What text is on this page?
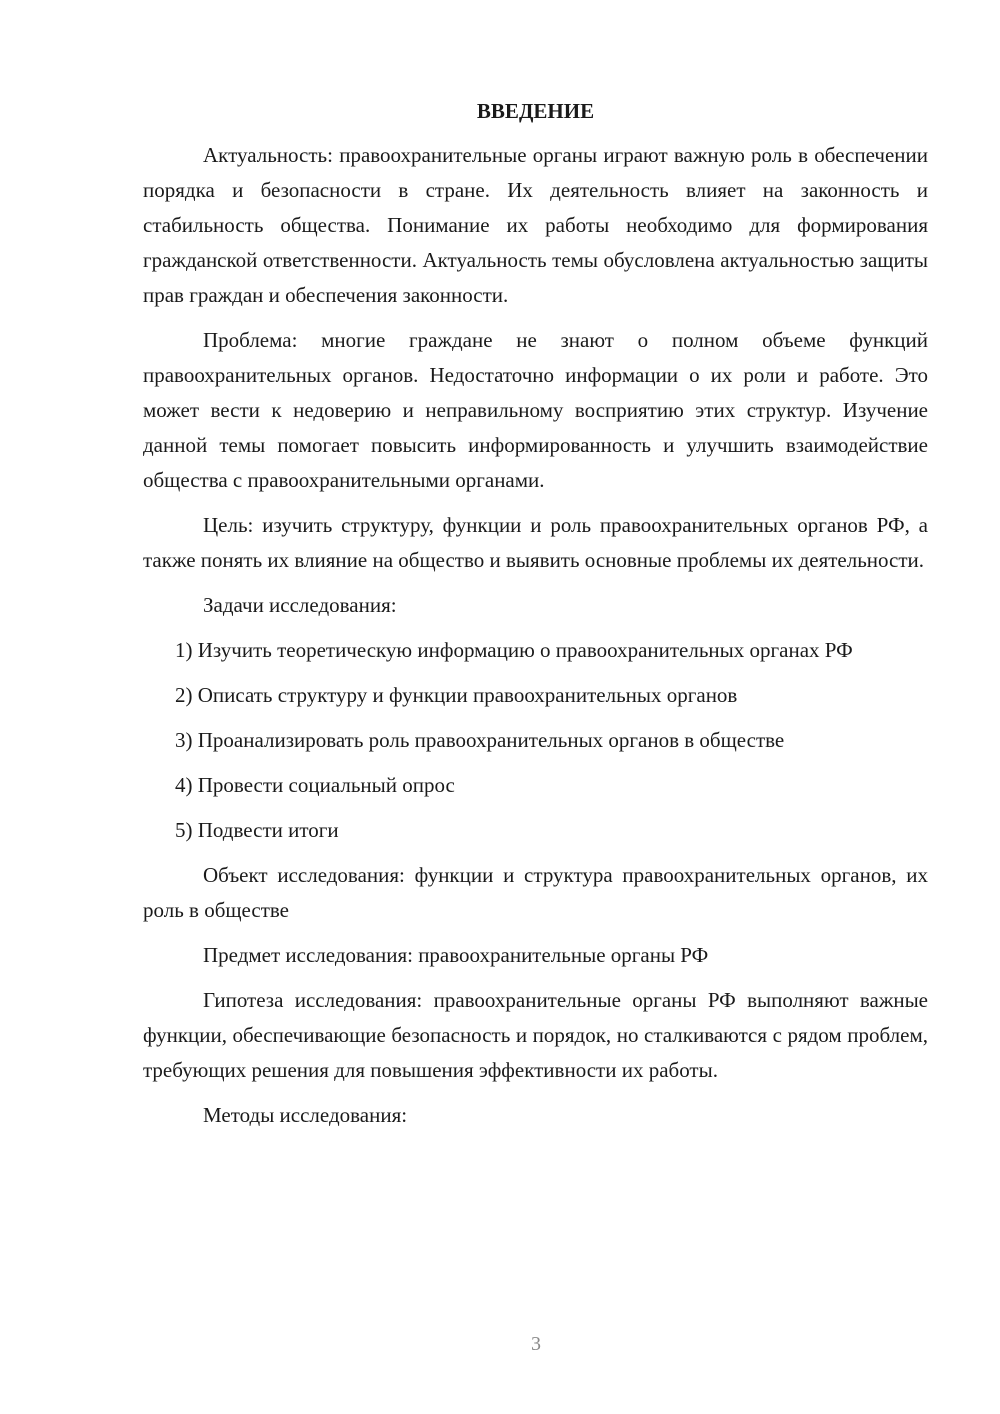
ВВЕДЕНИЕ

Актуальность: правоохранительные органы играют важную роль в обеспечении порядка и безопасности в стране. Их деятельность влияет на законность и стабильность общества. Понимание их работы необходимо для формирования гражданской ответственности. Актуальность темы обусловлена актуальностью защиты прав граждан и обеспечения законности.

Проблема: многие граждане не знают о полном объеме функций правоохранительных органов. Недостаточно информации о их роли и работе. Это может вести к недоверию и неправильному восприятию этих структур. Изучение данной темы помогает повысить информированность и улучшить взаимодействие общества с правоохранительными органами.

Цель: изучить структуру, функции и роль правоохранительных органов РФ, а также понять их влияние на общество и выявить основные проблемы их деятельности.

Задачи исследования:

1) Изучить теоретическую информацию о правоохранительных органах РФ

2) Описать структуру и функции правоохранительных органов

3) Проанализировать роль правоохранительных органов в обществе

4) Провести социальный опрос

5) Подвести итоги

Объект исследования: функции и структура правоохранительных органов, их роль в обществе

Предмет исследования: правоохранительные органы РФ

Гипотеза исследования: правоохранительные органы РФ выполняют важные функции, обеспечивающие безопасность и порядок, но сталкиваются с рядом проблем, требующих решения для повышения эффективности их работы.

Методы исследования:

3
